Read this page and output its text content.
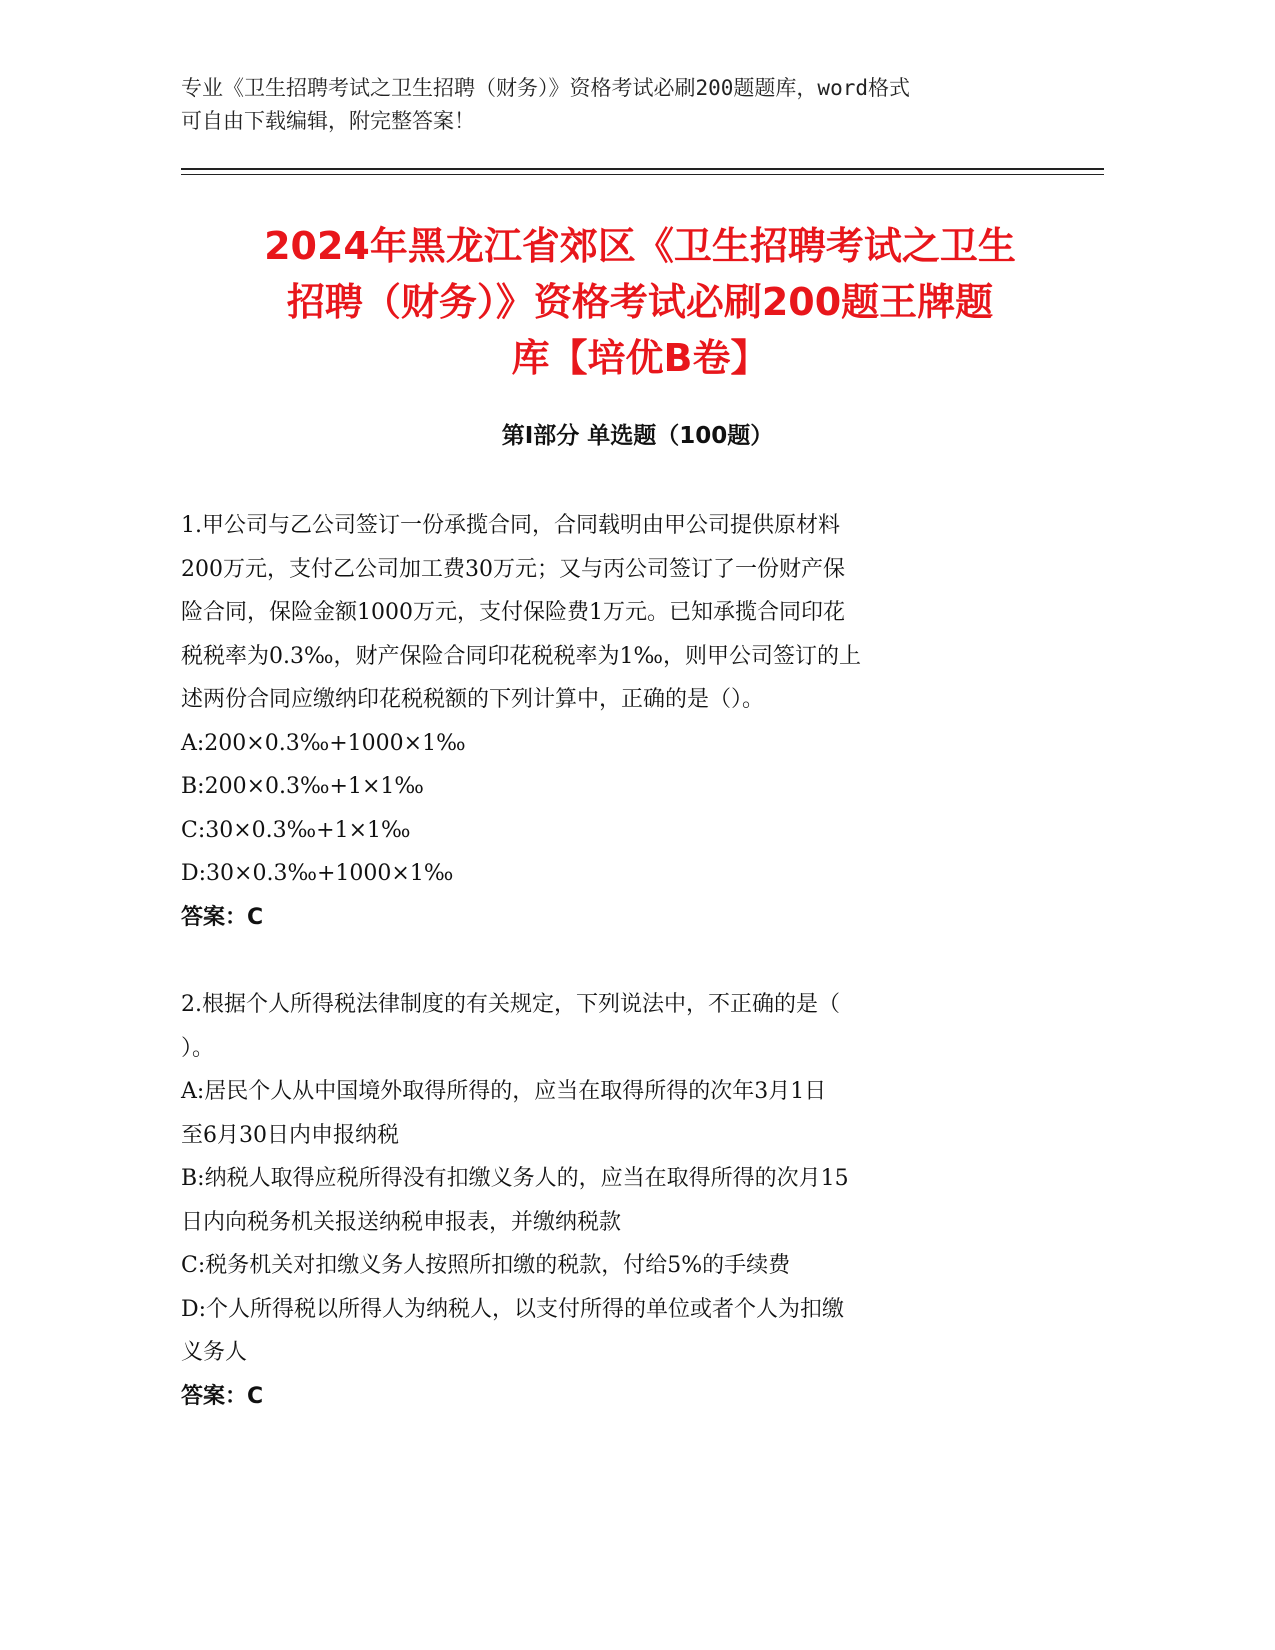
专业《卫生招聘考试之卫生招聘（财务）》资格考试必刷200题题库，word格式
可自由下载编辑，附完整答案！
2024年黑龙江省郊区《卫生招聘考试之卫生
招聘（财务）》资格考试必刷200题王牌题
库【培优B卷】
第Ⅰ部分 单选题（100题）
1.甲公司与乙公司签订一份承揽合同，合同载明由甲公司提供原材料
200万元，支付乙公司加工费30万元；又与丙公司签订了一份财产保
险合同，保险金额1000万元，支付保险费1万元。已知承揽合同印花
税税率为0.3‰，财产保险合同印花税税率为1‰，则甲公司签订的上
述两份合同应缴纳印花税税额的下列计算中，正确的是（）。
A:200×0.3‰+1000×1‰
B:200×0.3‰+1×1‰
C:30×0.3‰+1×1‰
D:30×0.3‰+1000×1‰
答案：C
2.根据个人所得税法律制度的有关规定，下列说法中，不正确的是（
）。
A:居民个人从中国境外取得所得的，应当在取得所得的次年3月1日
至6月30日内申报纳税
B:纳税人取得应税所得没有扣缴义务人的，应当在取得所得的次月15
日内向税务机关报送纳税申报表，并缴纳税款
C:税务机关对扣缴义务人按照所扣缴的税款，付给5%的手续费
D:个人所得税以所得人为纳税人，以支付所得的单位或者个人为扣缴
义务人
答案：C
